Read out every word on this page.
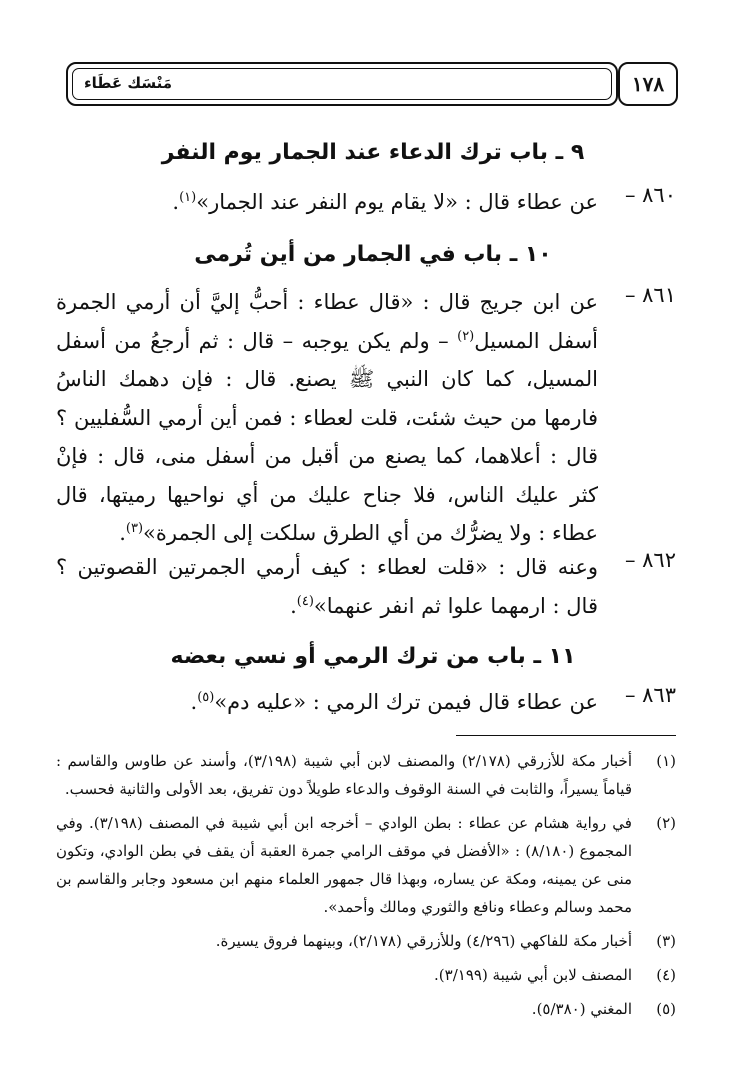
مَنْسَك عَطَاء	١٧٨
٩ ـ باب ترك الدعاء عند الجمار يوم النفر
٨٦٠ –
عن عطاء قال : «لا يقام يوم النفر عند الجمار»$^{(١)}$.
١٠ ـ باب في الجمار من أين تُرمى
٨٦١ –
عن ابن جريج قال : «قال عطاء : أحبُّ إليَّ أن أرمي الجمرة أسفل المسيل$^{(٢)}$ – ولم يكن يوجبه – قال : ثم أرجعُ من أسفل المسيل، كما كان النبي ﷺ يصنع. قال : فإن دهمك الناسُ فارمها من حيث شئت، قلت لعطاء : فمن أين أرمي السُّفليين ؟ قال : أعلاهما، كما يصنع من أقبل من أسفل منى، قال : فإنْ كثر عليك الناس، فلا جناح عليك من أي نواحيها رميتها، قال عطاء : ولا يضرُّك من أي الطرق سلكت إلى الجمرة»$^{(٣)}$.
٨٦٢ –
وعنه قال : «قلت لعطاء : كيف أرمي الجمرتين القصوتين ؟ قال : ارمهما علوا ثم انفر عنهما»$^{(٤)}$.
١١ ـ باب من ترك الرمي أو نسي بعضه
٨٦٣ –
عن عطاء قال فيمن ترك الرمي : «عليه دم»$^{(٥)}$.
(١)
أخبار مكة للأزرقي (٢/١٧٨) والمصنف لابن أبي شيبة (٣/١٩٨)، وأسند عن طاوس والقاسم : قياماً يسيراً، والثابت في السنة الوقوف والدعاء طويلاً دون تفريق، بعد الأولى والثانية فحسب.
(٢)
في رواية هشام عن عطاء : بطن الوادي – أخرجه ابن أبي شيبة في المصنف (٣/١٩٨). وفي المجموع (٨/١٨٠) : «الأفضل في موقف الرامي جمرة العقبة أن يقف في بطن الوادي، وتكون منى عن يمينه، ومكة عن يساره، وبهذا قال جمهور العلماء منهم ابن مسعود وجابر والقاسم بن محمد وسالم وعطاء ونافع والثوري ومالك وأحمد».
(٣)
أخبار مكة للفاكهي (٤/٢٩٦) وللأزرقي (٢/١٧٨)، وبينهما فروق يسيرة.
(٤)
المصنف لابن أبي شيبة (٣/١٩٩).
(٥)
المغني (٥/٣٨٠).
